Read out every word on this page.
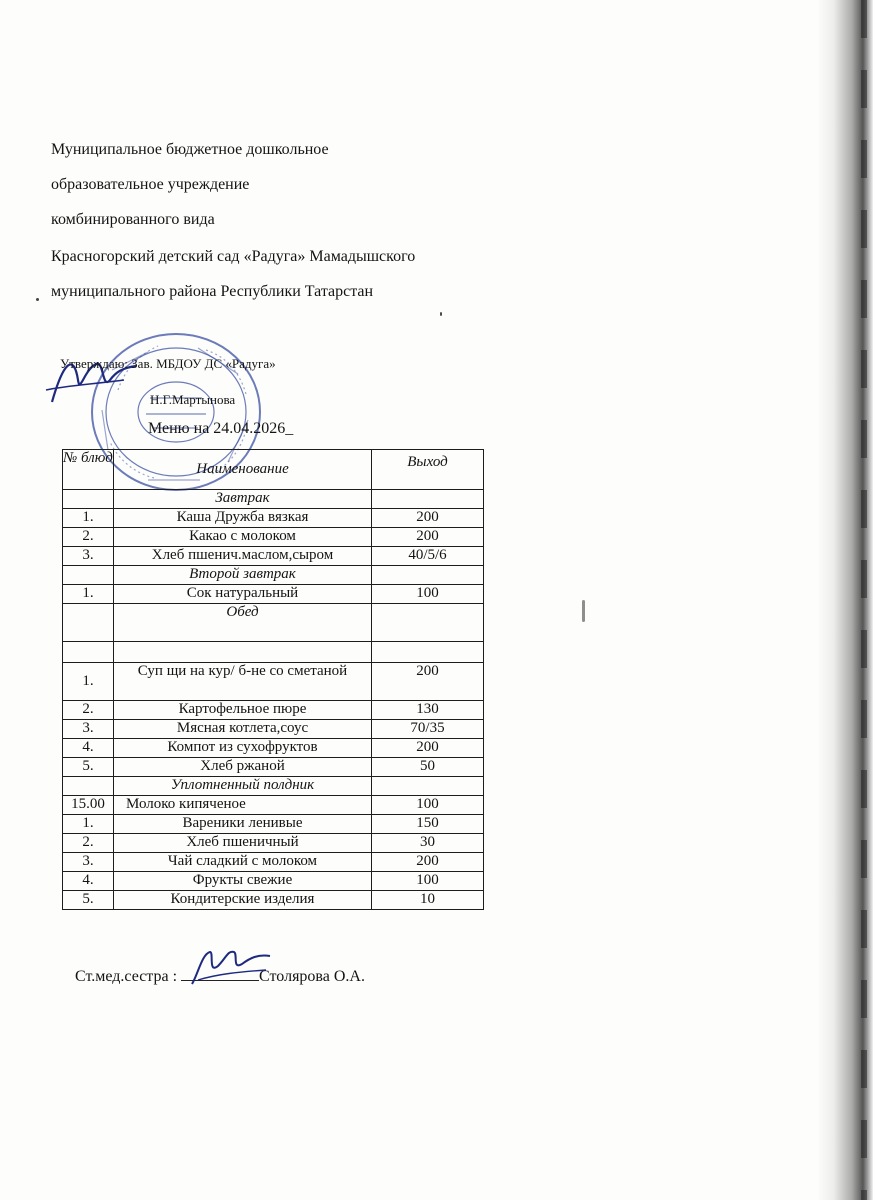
Муниципальное бюджетное дошкольное
образовательное учреждение
комбинированного вида
Красногорский детский сад «Радуга» Мамадышского
муниципального района Республики Татарстан
Утверждаю: Зав. МБДОУ ДС «Радуга»
Н.Г.Мартынова
Меню на 24.04.2026_
№ блюд	Наименование	Выход
	Завтрак	
1.	Каша Дружба вязкая	200
2.	Какао с молоком	200
3.	Хлеб пшенич.маслом,сыром	40/5/6
	Второй завтрак	
1.	Сок натуральный	100
	Обед	

1.	Суп щи на кур/ б-не со сметаной	200
2.	Картофельное пюре	130
3.	Мясная котлета,соус	70/35
4.	Компот из сухофруктов	200
5.	Хлеб ржаной	50
	Уплотненный полдник	
15.00	Молоко кипяченое	100
1.	Вареники ленивые	150
2.	Хлеб пшеничный	30
3.	Чай сладкий с молоком	200
4.	Фрукты свежие	100
5.	Кондитерские изделия	10
Ст.мед.сестра :	Столярова О.А.
